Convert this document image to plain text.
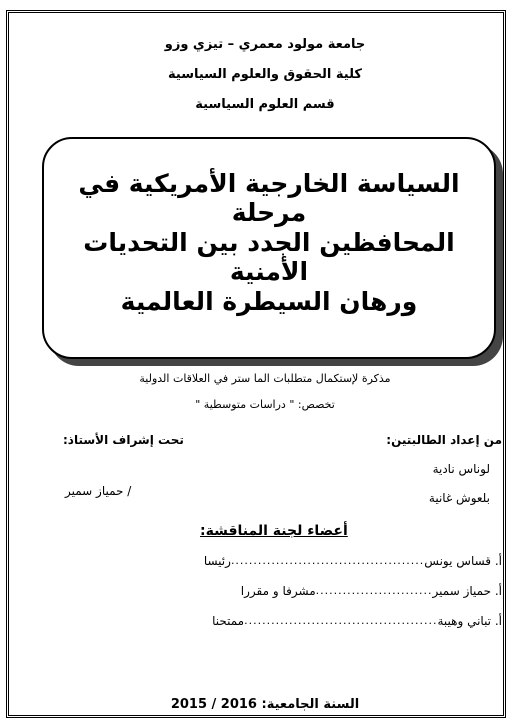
جامعة مولود معمري – تيزي وزو
كلية الحقوق والعلوم السياسية
قسم العلوم السياسية
السياسة الخارجية الأمريكية في مرحلة
المحافظين الجدد بين التحديات الأمنية
ورهان السيطرة العالمية
مذكرة لإستكمال متطلبات الما ستر في العلاقات الدولية
تخصص: " دراسات متوسطية "
من إعداد الطالبتين:
لوناس نادية
بلعوش غانية
تحت إشراف الأستاذ:
/ حمياز سمير
أعضاء لجنة المناقشة:
أ. قساس يونس
...........................................
رئيسا
أ. حمياز سمير
..........................
مشرفا و مقررا
أ. تباني وهيبة
...........................................
ممتحنا
السنة الجامعية: 2015 / 2016
